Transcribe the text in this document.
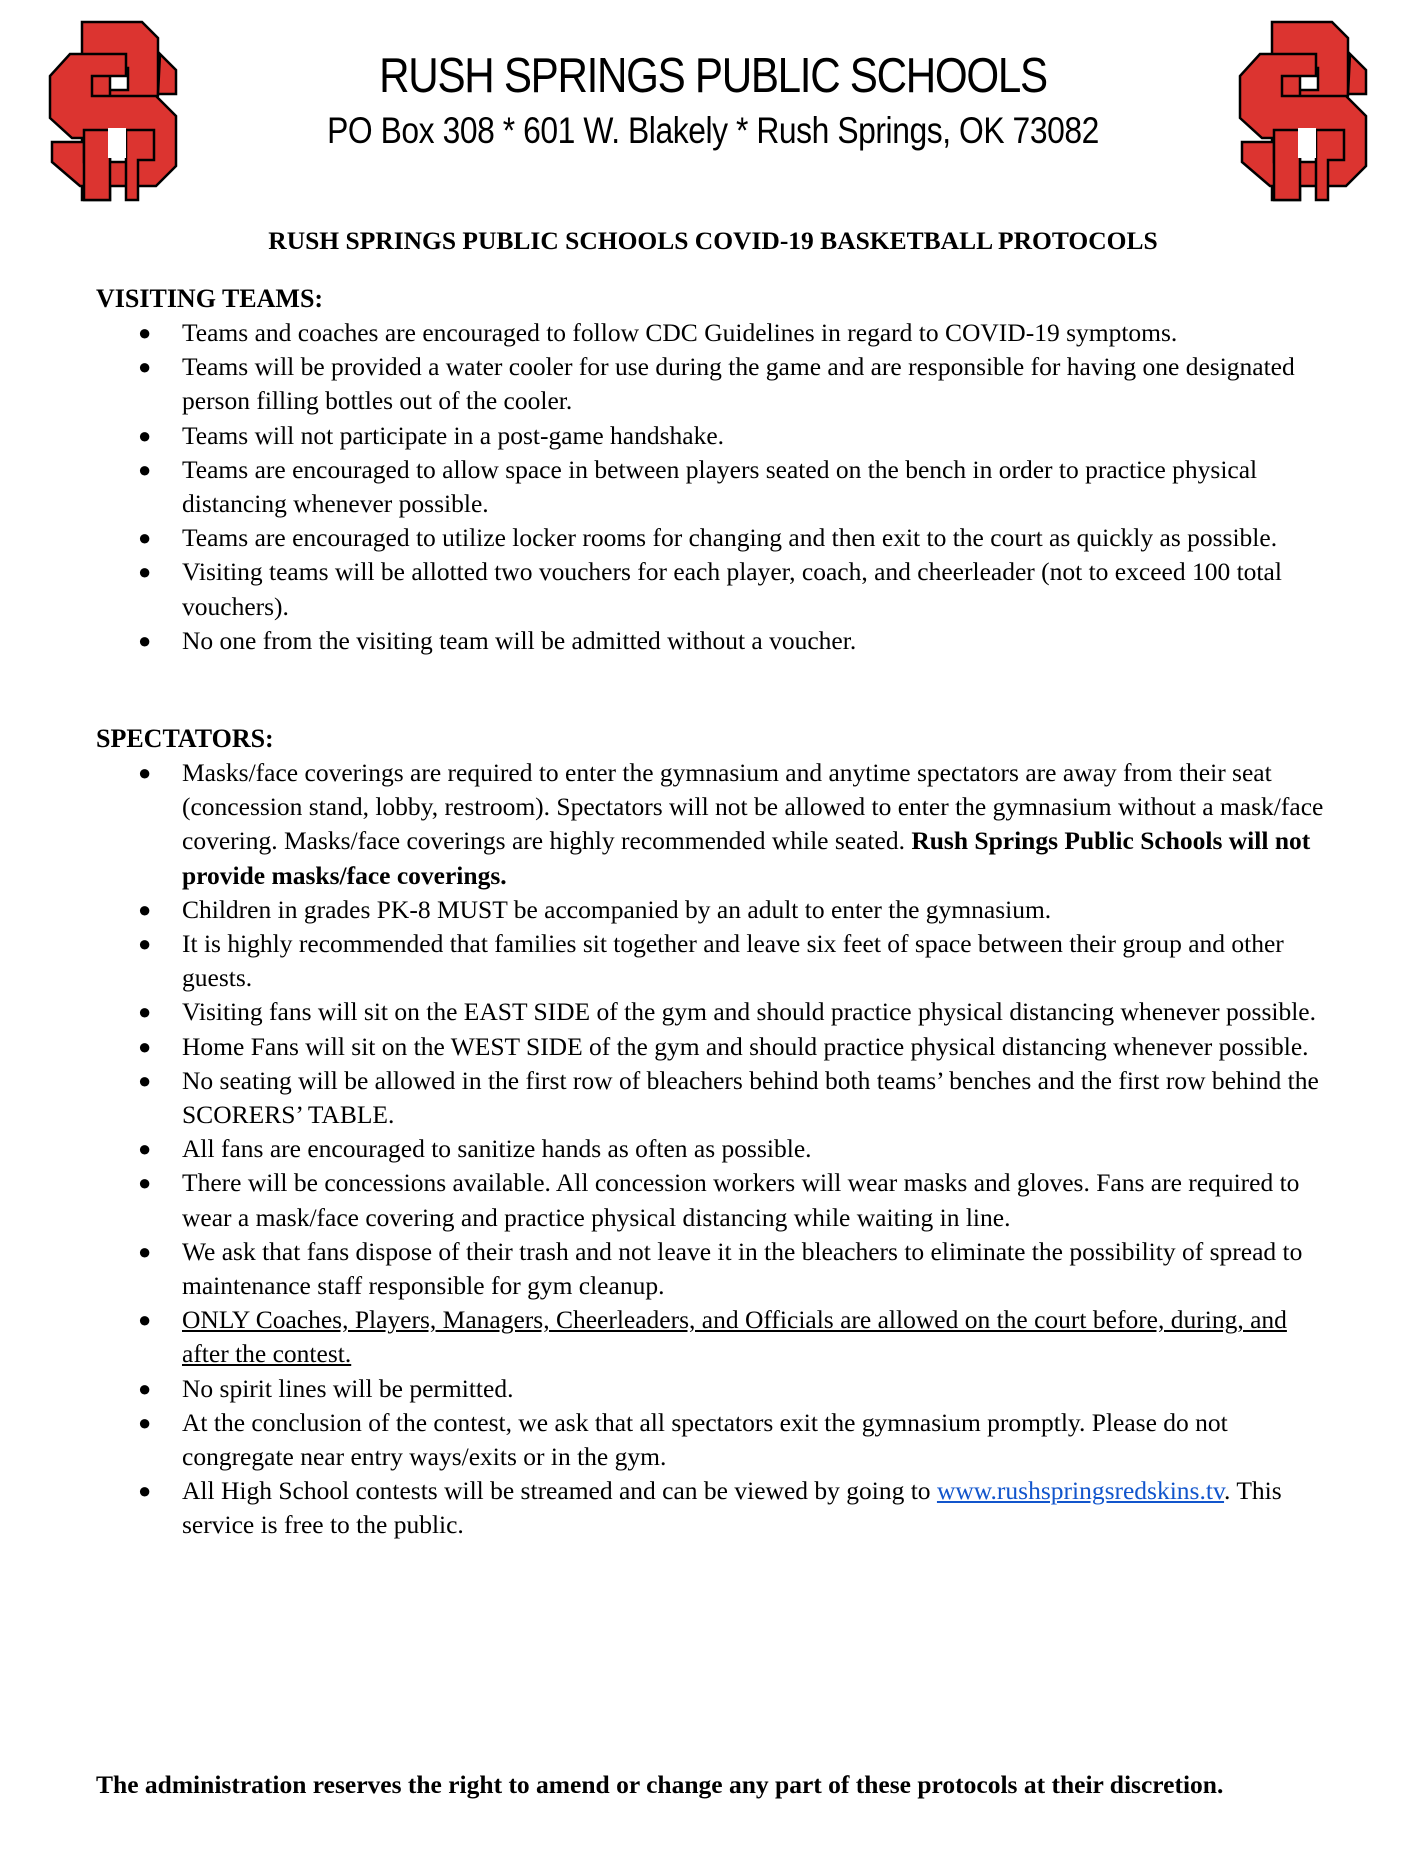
RUSH SPRINGS PUBLIC SCHOOLS
PO Box 308 * 601 W. Blakely * Rush Springs, OK 73082
RUSH SPRINGS PUBLIC SCHOOLS COVID-19 BASKETBALL PROTOCOLS
VISITING TEAMS:
● Teams and coaches are encouraged to follow CDC Guidelines in regard to COVID-19 symptoms.
● Teams will be provided a water cooler for use during the game and are responsible for having one designated person filling bottles out of the cooler.
● Teams will not participate in a post-game handshake.
● Teams are encouraged to allow space in between players seated on the bench in order to practice physical distancing whenever possible.
● Teams are encouraged to utilize locker rooms for changing and then exit to the court as quickly as possible.
● Visiting teams will be allotted two vouchers for each player, coach, and cheerleader (not to exceed 100 total vouchers).
● No one from the visiting team will be admitted without a voucher.
SPECTATORS:
● Masks/face coverings are required to enter the gymnasium and anytime spectators are away from their seat (concession stand, lobby, restroom). Spectators will not be allowed to enter the gymnasium without a mask/face covering. Masks/face coverings are highly recommended while seated. Rush Springs Public Schools will not provide masks/face coverings.
● Children in grades PK-8 MUST be accompanied by an adult to enter the gymnasium.
● It is highly recommended that families sit together and leave six feet of space between their group and other guests.
● Visiting fans will sit on the EAST SIDE of the gym and should practice physical distancing whenever possible.
● Home Fans will sit on the WEST SIDE of the gym and should practice physical distancing whenever possible.
● No seating will be allowed in the first row of bleachers behind both teams’ benches and the first row behind the SCORERS’ TABLE.
● All fans are encouraged to sanitize hands as often as possible.
● There will be concessions available. All concession workers will wear masks and gloves. Fans are required to wear a mask/face covering and practice physical distancing while waiting in line.
● We ask that fans dispose of their trash and not leave it in the bleachers to eliminate the possibility of spread to maintenance staff responsible for gym cleanup.
● ONLY Coaches, Players, Managers, Cheerleaders, and Officials are allowed on the court before, during, and after the contest.
● No spirit lines will be permitted.
● At the conclusion of the contest, we ask that all spectators exit the gymnasium promptly. Please do not congregate near entry ways/exits or in the gym.
● All High School contests will be streamed and can be viewed by going to www.rushspringsredskins.tv. This service is free to the public.
The administration reserves the right to amend or change any part of these protocols at their discretion.
